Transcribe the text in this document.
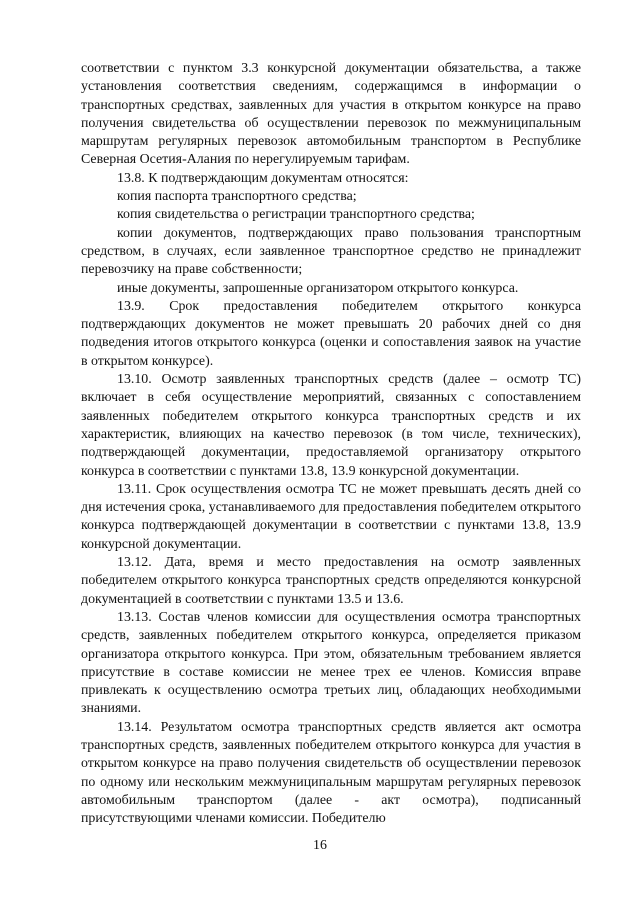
соответствии с пунктом 3.3 конкурсной документации обязательства, а также установления соответствия сведениям, содержащимся в информации о транспортных средствах, заявленных для участия в открытом конкурсе на право получения свидетельства об осуществлении перевозок по межмуниципальным маршрутам регулярных перевозок автомобильным транспортом в Республике Северная Осетия-Алания по нерегулируемым тарифам.

13.8. К подтверждающим документам относятся:

копия паспорта транспортного средства;

копия свидетельства о регистрации транспортного средства;

копии документов, подтверждающих право пользования транспортным средством, в случаях, если заявленное транспортное средство не принадлежит перевозчику на праве собственности;

иные документы, запрошенные организатором открытого конкурса.

13.9. Срок предоставления победителем открытого конкурса подтверждающих документов не может превышать 20 рабочих дней со дня подведения итогов открытого конкурса (оценки и сопоставления заявок на участие в открытом конкурсе).

13.10. Осмотр заявленных транспортных средств (далее – осмотр ТС) включает в себя осуществление мероприятий, связанных с сопоставлением заявленных победителем открытого конкурса транспортных средств и их характеристик, влияющих на качество перевозок (в том числе, технических), подтверждающей документации, предоставляемой организатору открытого конкурса в соответствии с пунктами 13.8, 13.9 конкурсной документации.

13.11. Срок осуществления осмотра ТС не может превышать десять дней со дня истечения срока, устанавливаемого для предоставления победителем открытого конкурса подтверждающей документации в соответствии с пунктами 13.8, 13.9 конкурсной документации.

13.12. Дата, время и место предоставления на осмотр заявленных победителем открытого конкурса транспортных средств определяются конкурсной документацией в соответствии с пунктами 13.5 и 13.6.

13.13. Состав членов комиссии для осуществления осмотра транспортных средств, заявленных победителем открытого конкурса, определяется приказом организатора открытого конкурса. При этом, обязательным требованием является присутствие в составе комиссии не менее трех ее членов. Комиссия вправе привлекать к осуществлению осмотра третьих лиц, обладающих необходимыми знаниями.

13.14. Результатом осмотра транспортных средств является акт осмотра транспортных средств, заявленных победителем открытого конкурса для участия в открытом конкурсе на право получения свидетельств об осуществлении перевозок по одному или нескольким межмуниципальным маршрутам регулярных перевозок автомобильным транспортом (далее - акт осмотра), подписанный присутствующими членами комиссии. Победителю

16
